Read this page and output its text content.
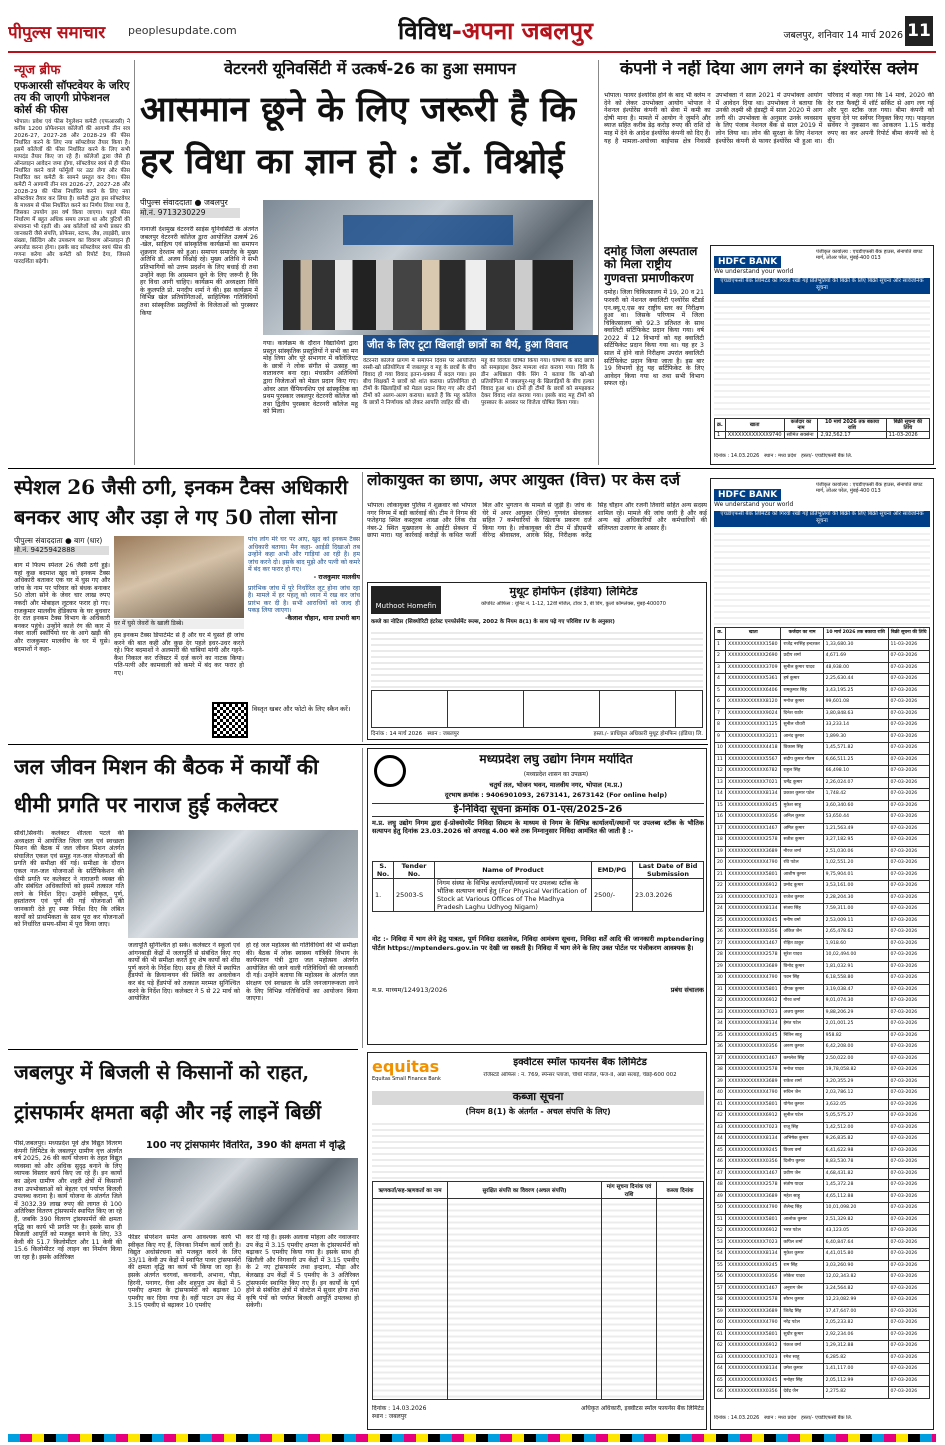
पीपुल्स समाचार	peoplesupdate.com	विविध-अपना जबलपुर	जबलपुर, शनिवार 14 मार्च 2026 11
न्यूज ब्रीफ
एफआरसी सॉफ्टवेयर के जरिए तय की जाएगी प्रोफेशनल कोर्स की फीस
भोपाल। प्रवेश एवं फीस रेगुलेशन कमेटी (एफआरसी) ने करीब 1200 प्रोफेशनल कॉलेजों की आगामी तीन सत्र 2026-27, 2027-28 और 2028-29 की फीस निर्धारित करने के लिए नया सॉफ्टवेयर तैयार किया है। इसमें कॉलेजों की फीस निर्धारित करने के लिए सभी मापदंड तैयार किए जा रहे हैं। कॉलेजों द्वारा जैसे ही ऑनलाइन आवेदन जमा होगा, सॉफ्टवेयर स्वयं से ही फीस निर्धारित करने वाले फॉर्मूलों पर उठा लेगा और फीस निर्धारित कर कमेटी के सामने प्रस्तुत कर देगा। फीस कमेटी ने आगामी तीन सत्र 2026-27, 2027-28 और 2028-29 की फीस निर्धारित करने के लिए नया सॉफ्टवेयर तैयार कर लिया है। कमेटी द्वारा इस सॉफ्टवेयर के माध्यम से फीस निर्धारित करने का निर्णय लिया गया है, जिसका उपयोग इस वर्ष किया जाएगा। पहले फीस निर्धारण में बहुत अधिक समय लगता था और त्रुटियों की संभावना भी रहती थी। अब कॉलेजों को सभी प्रकार की जानकारी जैसे संपत्ति, प्रोफेसर, स्टाफ, लैब, लाइब्रेरी, छात्र संख्या, बिल्डिंग और उपकरण का विवरण ऑनलाइन ही अपलोड करना होगा। इसके बाद सॉफ्टवेयर स्वयं फीस की गणना करेगा और कमेटी को रिपोर्ट देगा, जिससे पारदर्शिता बढ़ेगी।
वेटरनरी यूनिवर्सिटी में उत्कर्ष-26 का हुआ समापन
आसमान छूने के लिए जरूरी है कि हर विधा का ज्ञान हो : डॉ. विश्नोई
पीपुल्स संवाददाता ● जबलपुर
मो.नं. 9713230229
नानाजी देशमुख वेटरनरी साइंस यूनिवर्सिटी के अंतर्गत जबलपुर वेटरनरी कॉलेज द्वारा आयोजित उत्कर्ष 26 -खेल, साहित्य एवं सांस्कृतिक कार्यक्रमों का समापन शुक्रवार देरशाम को हुआ। समापन समारोह के मुख्य अतिथि डॉ. अजय विश्नोई रहे। मुख्य अतिथि ने सभी प्रतिभागियों को उत्तम प्रदर्शन के लिए बधाई दी तथा उन्होंने कहा कि आसमान छूने के लिए जरूरी है कि हर विधा आनी चाहिए। कार्यक्रम की अध्यक्षता विवि के कुलपति प्रो. मनदीप शर्मा ने की। इस कार्यक्रम में विभिन्न खेल प्रतियोगिताओं, साहित्यिक गतिविधियों तथा सांस्कृतिक प्रस्तुतियों के विजेताओं को पुरस्कार किया
गया। कार्यक्रम के दौरान विद्यार्थियों द्वारा प्रस्तुत सांस्कृतिक प्रस्तुतियों ने सभी का मन मोह लिया और पूरे सभागार में कॉलेजिएट के छात्रों ने लोक संगीत से उत्साह का वातावरण बना रहा। मंचासीन अतिथियों द्वारा विजेताओं को मेडल प्रदान किए गए। ओवर आल चैंपियनशिप एवं सांस्कृतिक का प्रथम पुरस्कार जबलपुर वेटरनरी कॉलेज को तथा द्वितीय पुरस्कार वेटरनरी कॉलेज महू को मिला।
जीत के लिए टूटा खिलाड़ी छात्रों का धैर्य, हुआ विवाद
वेटरनरी कॉलेज प्रांगण में समापन दिवस पर आयोजित रस्सी-खो प्रतियोगिता में जबलपुर व महू के छात्रों के बीच विवाद हो गया विवाद इतना-धक्का में बदल गया। इस बीच शिक्षकों ने छात्रों को शांत कराया। प्रतियोगिता दो टीमों के खिलाड़ियों को मेडल प्रदान किए गए और दोनों टीमों को अलग-अलग कराया। बताते हैं कि महू कॉलेज के छात्रों ने निर्णायक को लेकर आपत्ति जाहिर की थी।
महू की विजेता घोषित किया गया। घोषणा के बाद छात्रों को समझाइश देकर मामला शांत कराया गया। विवि के डीन अधिष्ठाता पीके सिंग ने बताया कि खो-खो प्रतियोगिता में जबलपुर-महू के खिलाड़ियों के बीच हल्का विवाद हुआ था। दोनों ही टीमों के छात्रों को समझाकर देकर विवाद शांत कराया गया। इसके बाद महू टीमों को पुरस्कार के अवसर पर विजेता घोषित किया गया।
कंपनी ने नहीं दिया आग लगने का इंश्योरेंस क्लेम
भोपाल। फायर इंश्योरेंस होने के बाद भी क्लेम न देने को लेकर उपभोक्ता आयोग भोपाल ने नेशनल इंश्योरेंस कंपनी को सेवा में कमी का दोषी माना है। मामले में आयोग ने जुर्माने और ब्याज सहित करीब डेढ़ करोड़ रुपए की राशि दो माह में देने के आदेश इंश्योरेंस कंपनी को दिए हैं। यह है मामला-अयोध्या बाईपास क्षेत्र निवासी उपभोक्ता ने साल 2021 में उपभोक्ता आयोग में आवेदन दिया था। उपभोक्ता ने बताया कि उनकी लक्ष्मी श्री इंडस्ट्री में साल 2020 में आग लगी थी। उपभोक्ता के अनुसार उनके व्यवसाय के लिए पंजाब नेशनल बैंक से साल 2019 में लोन लिया था। लोन की सुरक्षा के लिए नेशनल इंश्योरेंस कंपनी से फायर इंश्योरेंस भी हुआ था। परिवाद में कहा गया कि 14 मार्च, 2020 की देर रात फैक्ट्री में शॉर्ट सर्किट से आग लग गई और पूरा स्टॉक जल गया। बीमा कंपनी को सूचना देने पर सर्वेयर नियुक्त किए गए। फाइनल सर्वेयर ने नुकसान का आकलन 1.15 करोड़ रुपए का कर अपनी रिपोर्ट बीमा कंपनी को दे दी।
दमोह जिला अस्पताल को मिला राष्ट्रीय गुणवत्ता प्रमाणीकरण
दमोह। जिला चिकित्सालय में 19, 20 व 21 फरवरी को नेशनल क्वालिटी एश्योरेंस स्टैंडर्ड एन.क्यू.ए.एस का राष्ट्रीय स्तर का निरीक्षण हुआ था। जिसके परिणाम में जिला चिकित्सालय को 92.3 प्रतिशत के साथ क्वालिटी सर्टिफिकेट प्रदान किया गया। वर्ष 2022 में 12 विभागों को यह क्वालिटी सर्टिफिकेट प्रदान किया गया था। यह हर 3 साल में होने वाले निरीक्षण उपरांत क्वालिटी सर्टिफिकेट प्रदान किया जाता है। इस बार 19 विभागों हेतु यह सर्टिफिकेट के लिए आवेदन किया गया था तथा सभी विभाग सफल रहे।
HDFC BANK
We understand your world
पंजीकृत कार्यालय : एचडीएफसी बैंक हाउस, सेनापति बापट मार्ग, लोअर परेल, मुंबई-400 013
एचडीएफसी बैंक लिमिटेड को गिरवी रखी गई प्रतिभूतियों की बिक्री के लिए बिक्री सूचना और सार्वजनिक सूचना
क्र.	खाता	कर्जदार का नाम	10 मार्च 2026 तक बकाया राशि	बिक्री सूचना की तिथि
1	XXXXXXXXXXXX9740	सोमित सक्सेना	2,92,562.17	11-03-2026
दिनांक : 14.03.2026 स्थान : मध्य प्रदेश हस्ता/- एचडीएफसी बैंक लि.
स्पेशल 26 जैसी ठगी, इनकम टैक्स अधिकारी बनकर आए और उड़ा ले गए 50 तोला सोना
पीपुल्स संवाददाता ● बाग (धार)
मो.नं. 9425942888
बाग में फिल्म स्पेशल 26 जैसी ठगी हुई। यहां कुछ बदमाश खुद को इनकम टैक्स अधिकारी बताकर एक घर में घुस गए और जांच के नाम पर परिवार को बंधक बनाकर 50 तोला सोने के जेवर चार लाख रुपए नकदी और मोबाइल लूटकर फरार हो गए। राजकुमार मालवीय हेडिकाफ के घर बुधवार देर रात इनकम टैक्स विभाग के अधिकारी बनकर पहुंचे। उन्होंने काले रंग की कार में नंबर वाली स्कॉर्पियो घर के आगे खड़ी की और राजकुमार मालवीय के घर में घुसे। बदमाशों ने कहा-
घर में घुसे जेवरों के खाली डिब्बे।
हम इनकम टैक्स डिपार्टमेंट से है और घर में घुसते ही जांच करने की बात कही और कुछ देर पहले इधर-उधर करते रहे। फिर बदमाशों ने अलमारी की चाबियां मांगी और गहने-कैश निकाल कर रजिस्टर में दर्ज करने का नाटक किया। पति-पत्नी और कामवाली को कमरे में बंद कर फरार हो गए।
पांच लोग मेरे घर पर आए, खुद को इनकम टैक्स अधिकारी बताया। मैन कहा- आईडी दिखाओ तब उन्होंने कहा अभी और गाड़ियां आ रही है। हम जांच करने दो। इसके बाद मुझे और पत्नी को कमरे में बंद कर फरार हो गए।
- राजकुमार मालवीय
प्रारंभिक जांच में पूरे निर्धारित लूट होना जांच रहा है। मामले में हर पहलू को ध्यान में रख कर जांच प्रारंभ कर दी है। सभी आराधियों को जल्द ही पकड़ लिया जाएगा।
-कैलाश चौहान, थाना प्रभारी बाग
विस्तृत खबर और फोटो के लिए स्कैन करें।
लोकायुक्त का छापा, अपर आयुक्त (वित्त) पर केस दर्ज
भोपाल। लोकायुक्त पुलिस ने शुक्रवार को भोपाल नगर निगम में बड़ी कार्रवाई की। टीम ने निगम की फतेहगढ़ स्थित कस्तूरबा शाखा और लिंक रोड नंबर-2 स्थित मुख्यालय के आईटी सेक्शन में छापा मारा। यह कार्रवाई करोड़ों के कथित फर्जी बिल और भुगतान के मामले से जुड़ी है। जांच के घेरे में अपर आयुक्त (वित्त) गुणवंत सेवतकर सहित 7 कर्मचारियों के खिलाफ प्रकरण दर्ज किया गया है। लोकायुक्त की टीम में डीएसपी वीरेन्द्र श्रीवास्तव, आरके सिंह, निरीक्षक करेंद्र सिंह चौहान और रजनी तिवारी सहित अन्य सदस्य शामिल रहे। मामले की जांच जारी है और कई अन्य बड़े अधिकारियों और कर्मचारियों की संलिप्तता उजागर के आसार हैं।
Muthoot Homefin
मुथूट होमफिन (इंडिया) लिमिटेड
कॉर्पोरेट ऑफिस : यूनिट नं. 1-12, 12वीं मंजिल, टॉवर 3, बी विंग, कुर्ला कॉम्प्लेक्स, मुंबई-400070
कब्जे का नोटिस (सिक्योरिटी इंटरेस्ट एनफोर्समेंट रूल्स, 2002 के नियम 8(1) के साथ पढ़े गए परिशिष्ट IV के अनुसार)
दिनांक : 14 मार्च 2026 स्थान : जबलपुर	हस्ता./- प्राधिकृत अधिकारी मुथूट होमफिन (इंडिया) लि.
जल जीवन मिशन की बैठक में कार्यों की धीमी प्रगति पर नाराज हुई कलेक्टर
सीधी,सिवनी। कलेक्टर शीतला पटले की अध्यक्षता में आयोजित जिला जल एवं स्वच्छता मिशन की बैठक में जल जीवन मिशन अंतर्गत संचालित एकल एवं समूह नल-जल योजनाओं की प्रगति की समीक्षा की गई। समीक्षा के दौरान एकल नल-जल योजनाओं के सर्टिफिकेशन की धीमी प्रगति पर कलेक्टर ने नाराजगी व्यक्त की और संबंधित अधिकारियों को इसमें तत्काल गति लाने के निर्देश दिए। उन्होंने स्वीकृत, पूर्ण, हस्तांतरण एवं पूर्ण की गई योजनाओं की जानकारी देते हुए स्पष्ट निर्देश दिए कि लंबित कार्यों को प्राथमिकता के साथ पूरा कर योजनाओं को निर्धारित समय-सीमा में पूरा किया जाए।
जलापूर्ति सुनिश्चित हो सके। कलेक्टर ने स्कूलों एवं आंगनबाड़ी केंद्रों में जलापूर्ति से संबंधित किए गए कार्यों की भी समीक्षा करते हुए शेष कार्यों को शीघ्र पूर्ण करने के निर्देश दिए। साथ ही जिले में स्थापित हैंडपंपों के क्रियान्वयन की स्थिति का अवलोकन कर बंद पड़े हैंडपंपों को तत्काल मरम्मत सुनिश्चित करने के निर्देश दिए। कलेक्टर ने 5 से 22 मार्च को आयोजित
हो रहे जल महोत्सव की गतिविधियों की भी समीक्षा की। बैठक में लोक स्वास्थ्य यांत्रिकी विभाग के कार्यपालन यंत्री द्वारा जल महोत्सव अंतर्गत आयोजित की जाने वाली गतिविधियों की जानकारी दी गई। उन्होंने बताया कि महोत्सव के अंतर्गत जल संरक्षण एवं स्वच्छता के प्रति जनजागरूकता लाने के लिए विभिन्न गतिविधियों का आयोजन किया जाएगा।
मध्यप्रदेश लघु उद्योग निगम मर्यादित
(मध्यप्रदेश शासन का उपक्रम)
चतुर्थ तल, भोजन भवन, मालवीय नगर, भोपाल (म.प्र.)
दूरभाष क्रमांक : 9406901093, 2673141, 2673142 (For online help)
ई-निविदा सूचना क्रमांक 01-एस/2025-26
म.प्र. लघु उद्योग निगम द्वारा ई-प्रोक्योरमेंट निविदा सिस्टम के माध्यम से निगम के विभिन्न कार्यालयों/स्थानों पर उपलब्ध स्टॉक के भौतिक सत्यापन हेतु दिनांक 23.03.2026 को अपराह्न 4.00 बजे तक निम्नानुसार निविदा आमंत्रित की जाती है :-
S. No.	Tender No.	Name of Product	EMD/PG	Last Date of Bid Submission
1.	25003-S	निगम संस्था के विभिन्न कार्यालयों/स्थानों पर उपलब्ध स्टॉक के भौतिक सत्यापन कार्य हेतु (For Physical Verification of Stock at Various Offices of The Madhya Pradesh Laghu Udhyog Nigam)	2500/-	23.03.2026
नोट :- निविदा में भाग लेने हेतु पात्रता, पूर्ण निविदा दस्तावेज, निविदा आमंत्रण सूचना, निविदा शर्तें आदि की जानकारी mptendering पोर्टल https://mptenders.gov.in पर देखी जा सकती है। निविदा में भाग लेने के लिए उक्त पोर्टल पर पंजीकरण आवश्यक है।
म.प्र. माध्यम/124913/2026	प्रबंध संचालक
जबलपुर में बिजली से किसानों को राहत, ट्रांसफार्मर क्षमता बढ़ी और नई लाइनें बिछीं
पीसं,जबलपुर। मध्यप्रदेश पूर्व क्षेत्र विद्युत वितरण कंपनी लिमिटेड के जबलपुर ग्रामीण वृत्त अंतर्गत वर्ष 2025, 26 की कार्य योजना के तहत विद्युत व्यवस्था को और अधिक सुदृढ़ बनाने के लिए व्यापक विस्तार कार्य किए जा रहे हैं। इन कार्यों का उद्देश्य ग्रामीण और शहरी क्षेत्रों में किसानों तथा उपभोक्ताओं को बेहतर एवं पर्याप्त बिजली उपलब्ध कराना है। कार्य योजना के अंतर्गत जिले में 3032.39 लाख रुपए की लागत से 100 अतिरिक्त वितरण ट्रांसफार्मर स्थापित किए जा रहे हैं, जबकि 390 वितरण ट्रांसफार्मरों की क्षमता वृद्धि का कार्य भी प्रगति पर है। इसके साथ ही बिजली आपूर्ति को मजबूत बनाने के लिए, 33 केवी की 51.7 किलोमीटर और 11 केवी की 15.6 किलोमीटर नई लाइन का निर्माण किया जा रहा है। इसके अतिरिक्त
100 नए ट्रांसफार्मर विंतरित, 390 की क्षमता में वृद्धि
फीडर सेपरेशन समेत अन्य आवश्यक कार्य भी स्वीकृत किए गए हैं, जिनका निर्माण कार्य जारी है। विद्युत अधोसंरचना को मजबूत करने के लिए 33/11 केवी उप केंद्रों में स्थापित पावर ट्रांसफार्मरों की क्षमता वृद्धि का कार्य भी किया जा रहा है। इसके अंतर्गत चरगवां, कनवानी, अभाना, पौड़ा, हिरनी, पनागर, रीवा और शहपुरा उप केंद्रों में 5 एमवीए क्षमता के ट्रांसफार्मरों को बढ़ाकर 10 एमवीए कर दिया गया है। वहीं पाटन उप केंद्र में 3.15 एमवीए से बढ़ाकर 10 एमवीए
कर दी गई है। इसके अलावा मोहला और नवाजनार उप केंद्र में 3.15 एमवीए क्षमता के ट्रांसफार्मरों को बढ़ाकर 5 एमवीए किया गया है। इसके साथ ही खितौली और निगवानी उप केंद्रों में 3.15 एमवीए के 2 नए ट्रांसफार्मर तथा इन्द्राना, मौड़ा और बेलखाड़ उप केंद्रों में 5 एमवीए के 3 अतिरिक्त ट्रांसफार्मर स्थापित किए गए हैं। इन कार्यों के पूर्ण होने से संबंधित क्षेत्रों में वोल्टेज में सुधार होगा तथा कृषि पंपों को पर्याप्त बिजली आपूर्ति उपलब्ध हो सकेगी।
equitas
Equitas Small Finance Bank
इक्वीटस स्मॉल फायनेंस बैंक लिमिटेड
रजिस्टर्ड ऑफिस : नं. 769, स्पेन्सर प्लाजा, चौथी मंजिल, फेज-II, अन्ना सलाई, चेन्नई-600 002
कब्जा सूचना
(नियम 8(1) के अंतर्गत - अचल संपत्ति के लिए)
ऋणकर्ता/सह-ऋणकर्ता का नाम	सुरक्षित संपत्ति का विवरण (अचल संपत्ति)	मांग सूचना दिनांक एवं राशि	कब्जा दिनांक

दिनांक : 14.03.2026
स्थान : जबलपुर
अधिकृत अधिकारी, इक्वीटस स्मॉल फायनेंस बैंक लिमिटेड
HDFC BANK
We understand your world
पंजीकृत कार्यालय : एचडीएफसी बैंक हाउस, सेनापति बापट मार्ग, लोअर परेल, मुंबई-400 013
एचडीएफसी बैंक लिमिटेड को गिरवी रखी गई प्रतिभूतियों की बिक्री के लिए बिक्री सूचना और सार्वजनिक सूचना
क्र.	खाता	कर्जदार का नाम	10 मार्च 2026 तक बकाया राशि	बिक्री सूचना की तिथि
1	XXXXXXXXXXXX1580	राजेंद्र नरसिंह इन्दरकर	1,33,680.30	11-03-2026
2	XXXXXXXXXXXX2690	प्रदीप शर्मा	4,671.69	07-03-2026
3	XXXXXXXXXXXX3709	सुनील कुमार यादव	48,938.00	07-03-2026
4	XXXXXXXXXXXX5361	हर्ष कुमार	2,25,630.44	07-03-2026
5	XXXXXXXXXXXX6406	रामकुमार सिंह	3,43,195.25	07-03-2026
6	XXXXXXXXXXXX8120	मनोज कुमार	99,601.08	07-03-2026
7	XXXXXXXXXXXX9024	दिनेश राठौर	3,80,848.63	07-03-2026
8	XXXXXXXXXXXX1125	सुनील चौधरी	33,233.14	07-03-2026
9	XXXXXXXXXXXX3211	आनंद कुमार	1,899.30	07-03-2026
10	XXXXXXXXXXXX4418	विकास सिंह	1,45,571.82	07-03-2026
11	XXXXXXXXXXXX5567	संदीप कुमार गौतम	6,66,511.25	07-03-2026
12	XXXXXXXXXXXX6782	राहुल सिंह	66,498.10	07-03-2026
13	XXXXXXXXXXXX7021	धर्मेंद्र कुमार	2,26,024.07	07-03-2026
14	XXXXXXXXXXXX8134	प्रकाश कुमार पटेल	1,748.42	07-03-2026
15	XXXXXXXXXXXX9245	मुकेश साहू	3,60,340.60	07-03-2026
16	XXXXXXXXXXXX0356	अनिल कुमार	53,650.44	07-03-2026
17	XXXXXXXXXXXX1467	अमित कुमार	1,21,563.49	07-03-2026
18	XXXXXXXXXXXX2578	सतीश कुमार	3,27,182.95	07-03-2026
19	XXXXXXXXXXXX3689	नीरज शर्मा	2,51,030.06	07-03-2026
20	XXXXXXXXXXXX4790	रवि पटेल	1,02,551.20	07-03-2026
21	XXXXXXXXXXXX5801	आशीष कुमार	9,75,904.01	07-03-2026
22	XXXXXXXXXXXX6912	प्रमोद कुमार	3,53,161.00	07-03-2026
23	XXXXXXXXXXXX7023	राजेश कुमार	2,28,204.30	07-03-2026
24	XXXXXXXXXXXX8134	संजय सिंह	7,59,311.00	07-03-2026
25	XXXXXXXXXXXX9245	मनीष वर्मा	2,53,009.11	07-03-2026
26	XXXXXXXXXXXX0356	अंकित जैन	2,65,478.62	07-03-2026
27	XXXXXXXXXXXX1467	रोहित ठाकुर	1,918.60	07-03-2026
28	XXXXXXXXXXXX2578	सुरेश यादव	10,02,494.00	07-03-2026
29	XXXXXXXXXXXX3689	विनोद कुमार	1,81,032.91	07-03-2026
30	XXXXXXXXXXXX4790	पवन सिंह	6,18,558.80	07-03-2026
31	XXXXXXXXXXXX5801	दीपक कुमार	3,19,038.47	07-03-2026
32	XXXXXXXXXXXX6912	गौरव शर्मा	9,01,074.30	07-03-2026
33	XXXXXXXXXXXX7023	अजय कुमार	9,88,206.29	07-03-2026
34	XXXXXXXXXXXX8134	हेमंत पटेल	2,01,001.25	07-03-2026
35	XXXXXXXXXXXX9245	नितिन साहू	958.82	07-03-2026
36	XXXXXXXXXXXX0356	अरुण कुमार	6,42,208.00	07-03-2026
37	XXXXXXXXXXXX1467	कमलेश सिंह	2,50,022.00	07-03-2026
38	XXXXXXXXXXXX2578	मनोज यादव	19,78,058.82	07-03-2026
39	XXXXXXXXXXXX3689	राकेश शर्मा	3,20,355.29	07-03-2026
40	XXXXXXXXXXXX4790	सचिन जैन	2,03,786.12	07-03-2026
41	XXXXXXXXXXXX5801	योगेश कुमार	3,632.05	07-03-2026
42	XXXXXXXXXXXX6912	सुनील पटेल	5,05,575.27	07-03-2026
43	XXXXXXXXXXXX7023	राजू सिंह	1,42,512.00	07-03-2026
44	XXXXXXXXXXXX8134	अभिषेक कुमार	9,26,835.82	07-03-2026
45	XXXXXXXXXXXX9245	विजय वर्मा	6,41,622.98	07-03-2026
46	XXXXXXXXXXXX0356	दिलीप कुमार	8,83,530.78	07-03-2026
47	XXXXXXXXXXXX1467	प्रवीण जैन	4,68,431.82	07-03-2026
48	XXXXXXXXXXXX2578	संतोष यादव	1,45,372.28	07-03-2026
49	XXXXXXXXXXXX3689	महेश साहू	4,65,112.88	07-03-2026
50	XXXXXXXXXXXX4790	शैलेन्द्र सिंह	10,01,098.20	07-03-2026
51	XXXXXXXXXXXX5801	आलोक कुमार	2,51,329.82	07-03-2026
52	XXXXXXXXXXXX6912	भरत पटेल	43,123.05	07-03-2026
53	XXXXXXXXXXXX7023	कपिल शर्मा	6,40,847.64	07-03-2026
54	XXXXXXXXXXXX8134	मुकेश कुमार	4,41,015.80	07-03-2026
55	XXXXXXXXXXXX9245	राम सिंह	3,03,260.90	07-03-2026
56	XXXXXXXXXXXX0356	लोकेश यादव	12,02,343.82	07-03-2026
57	XXXXXXXXXXXX1467	अनुराग जैन	3,24,564.82	07-03-2026
58	XXXXXXXXXXXX2578	सौरभ कुमार	12,23,082.99	07-03-2026
59	XXXXXXXXXXXX3689	जितेंद्र सिंह	17,47,647.00	07-03-2026
60	XXXXXXXXXXXX4790	नरेंद्र पटेल	2,05,233.82	07-03-2026
61	XXXXXXXXXXXX5801	सुधीर कुमार	2,92,234.06	07-03-2026
62	XXXXXXXXXXXX6912	पंकज वर्मा	1,29,312.88	07-03-2026
63	XXXXXXXXXXXX7023	रमेश साहू	6,285.82	07-03-2026
64	XXXXXXXXXXXX8134	उमेश कुमार	1,41,117.00	07-03-2026
65	XXXXXXXXXXXX9245	मनोहर सिंह	2,05,112.99	07-03-2026
66	XXXXXXXXXXXX0356	देवेंद्र जैन	2,275.82	07-03-2026
दिनांक : 14.03.2026 स्थान : मध्य प्रदेश हस्ता/- एचडीएफसी बैंक लि.
